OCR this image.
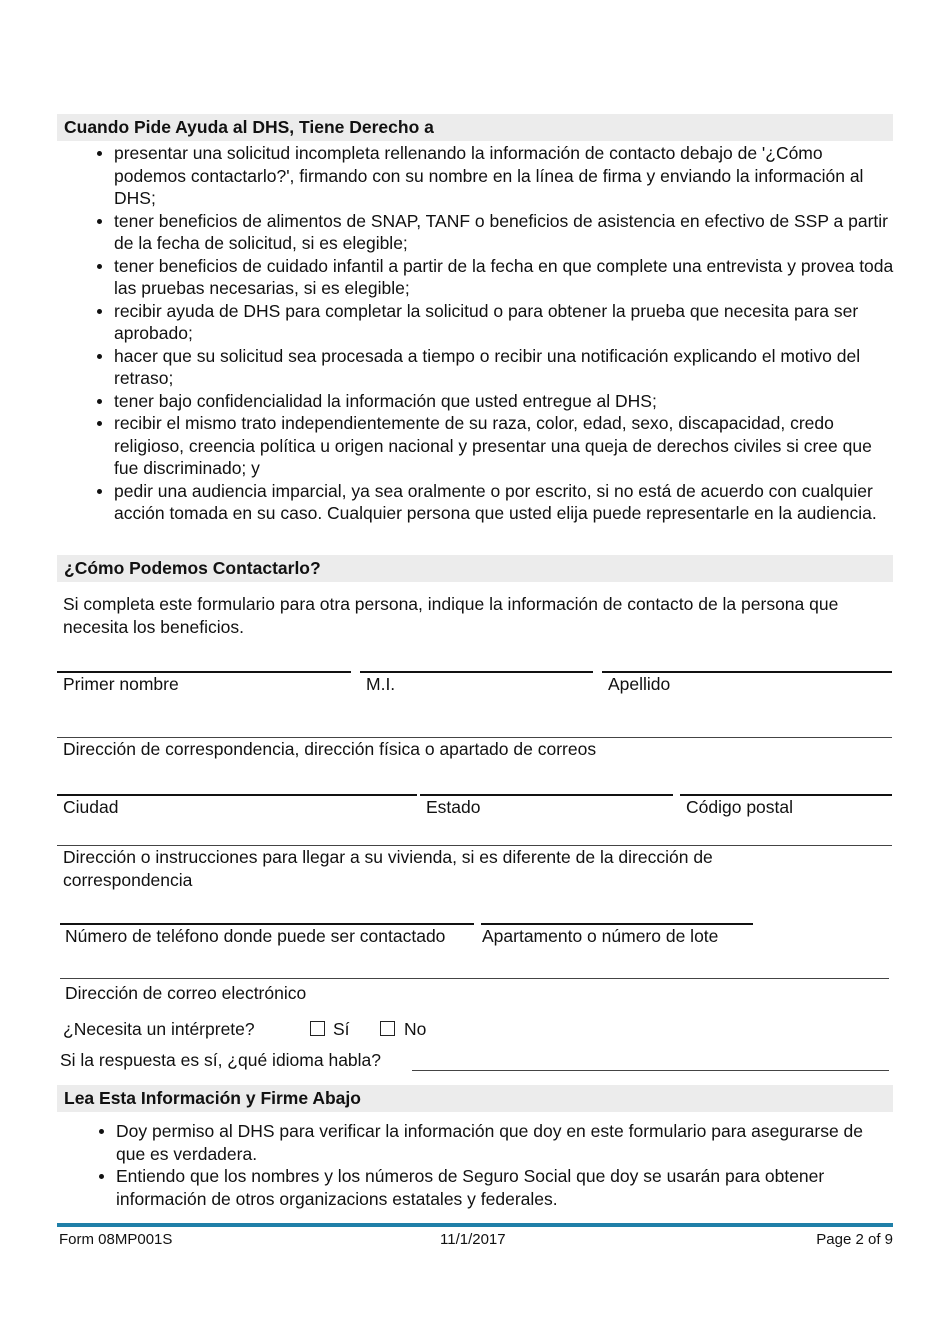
Cuando Pide Ayuda al DHS, Tiene Derecho a
presentar una solicitud incompleta rellenando la información de contacto debajo de '¿Cómo podemos contactarlo?', firmando con su nombre en la línea de firma y enviando la información al DHS;
tener beneficios de alimentos de SNAP, TANF o beneficios de asistencia en efectivo de SSP a partir de la fecha de solicitud, si es elegible;
tener beneficios de cuidado infantil a partir de la fecha en que complete una entrevista y provea toda las pruebas necesarias, si es elegible;
recibir ayuda de DHS para completar la solicitud o para obtener la prueba que necesita para ser aprobado;
hacer que su solicitud sea procesada a tiempo o recibir una notificación explicando el motivo del retraso;
tener bajo confidencialidad la información que usted entregue al DHS;
recibir el mismo trato independientemente de su raza, color, edad, sexo, discapacidad, credo religioso, creencia política u origen nacional y presentar una queja de derechos civiles si cree que fue discriminado; y
pedir una audiencia imparcial, ya sea oralmente o por escrito, si no está de acuerdo con cualquier acción tomada en su caso. Cualquier persona que usted elija puede representarle en la audiencia.
¿Cómo Podemos Contactarlo?
Si completa este formulario para otra persona, indique la información de contacto de la persona que necesita los beneficios.
Primer nombre	M.I.	Apellido
Dirección de correspondencia, dirección física o apartado de correos
Ciudad	Estado	Código postal
Dirección o instrucciones para llegar a su vivienda, si es diferente de la dirección de correspondencia
Número de teléfono donde puede ser contactado Apartamento o número de lote
Dirección de correo electrónico
¿Necesita un intérprete?	Sí	No
Si la respuesta es sí, ¿qué idioma habla?
Lea Esta Información y Firme Abajo
Doy permiso al DHS para verificar la información que doy en este formulario para asegurarse de que es verdadera.
Entiendo que los nombres y los números de Seguro Social que doy se usarán para obtener información de otros organizacions estatales y federales.
Form 08MP001S	11/1/2017	Page 2 of 9
